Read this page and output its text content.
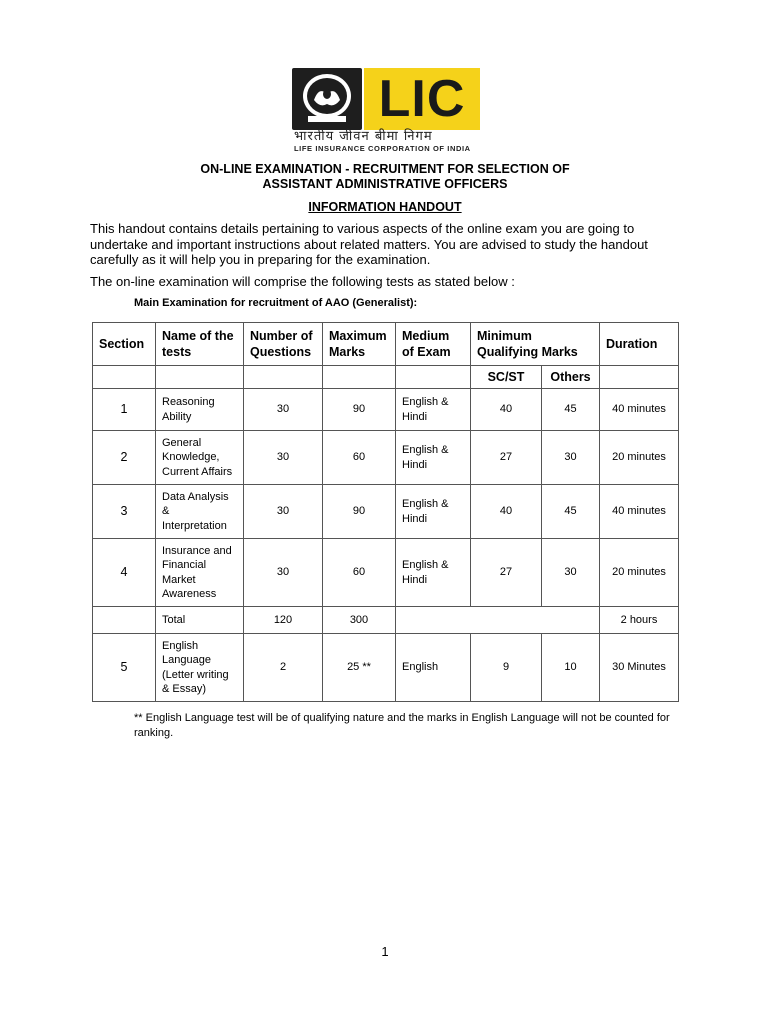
LIC
भारतीय जीवन बीमा निगम
LIFE INSURANCE CORPORATION OF INDIA
ON-LINE EXAMINATION - RECRUITMENT FOR SELECTION OF
ASSISTANT ADMINISTRATIVE OFFICERS
INFORMATION HANDOUT
This handout contains details pertaining to various aspects of the online exam you are going to undertake and important instructions about related matters. You are advised to study the handout carefully as it will help you in preparing for the examination.
The on-line examination will comprise the following tests as stated below :
Main Examination for recruitment of AAO (Generalist):
Section	Name of the tests	Number of Questions	Maximum Marks	Medium of Exam	Minimum Qualifying Marks		Duration
					SC/ST	Others	
1	Reasoning Ability	30	90	English & Hindi	40	45	40 minutes
2	General Knowledge, Current Affairs	30	60	English & Hindi	27	30	20 minutes
3	Data Analysis & Interpretation	30	90	English & Hindi	40	45	40 minutes
4	Insurance and Financial Market Awareness	30	60	English & Hindi	27	30	20 minutes
	Total	120	300				2 hours
5	English Language (Letter writing & Essay)	2	25 **	English	9	10	30 Minutes
** English Language test will be of qualifying nature and the marks in English Language will not be counted for ranking.
1
